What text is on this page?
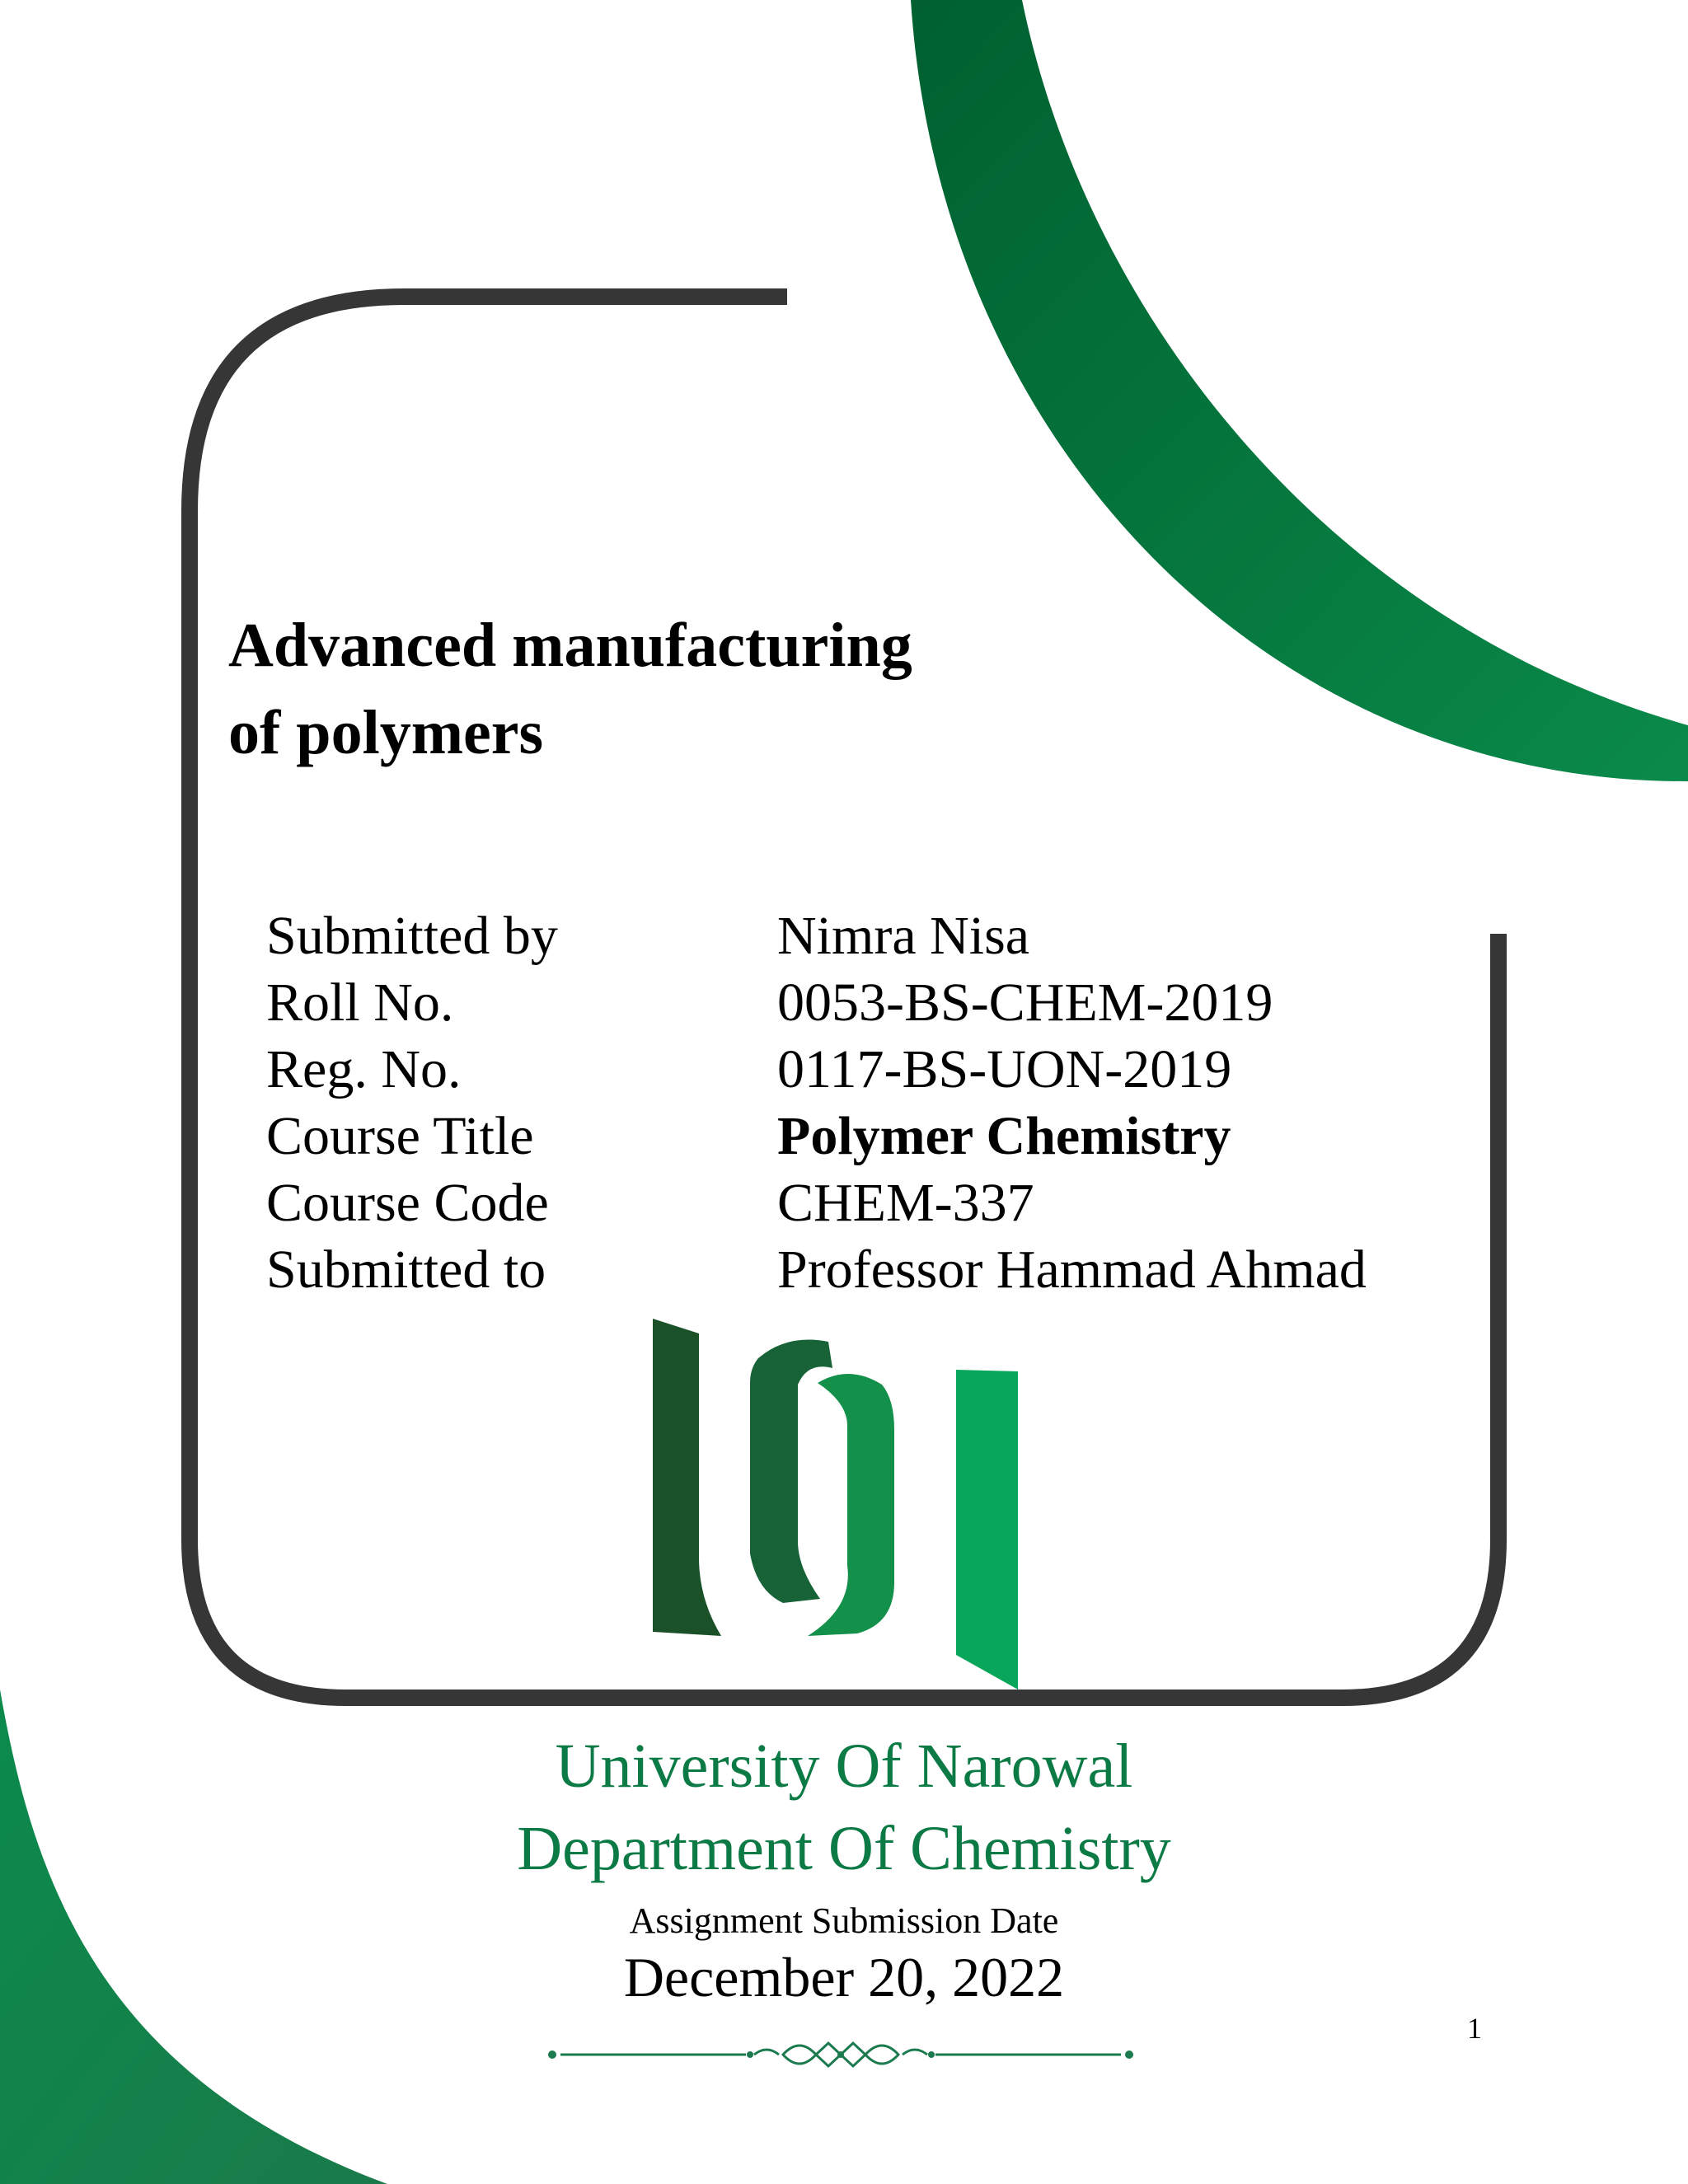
Advanced manufacturing
of polymers
Submitted by	Nimra Nisa
Roll No.	0053-BS-CHEM-2019
Reg. No.	0117-BS-UON-2019
Course Title	Polymer Chemistry
Course Code	CHEM-337
Submitted to	Professor Hammad Ahmad
University Of Narowal
Department Of Chemistry
Assignment Submission Date
December 20, 2022
1
